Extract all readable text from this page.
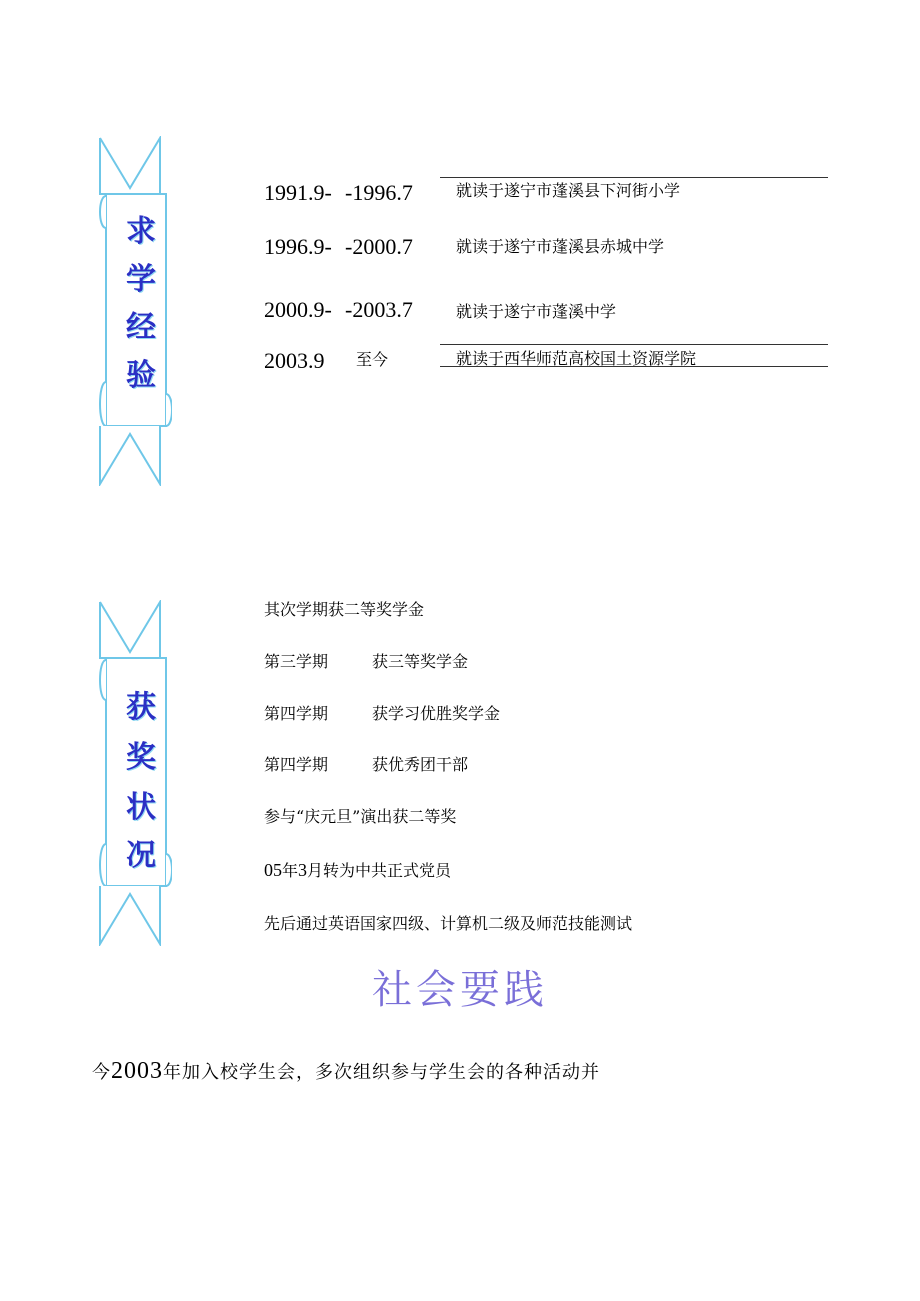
求
学
经
验
1991.9- -1996.7	就读于遂宁市蓬溪县下河街小学
1996.9- -2000.7	就读于遂宁市蓬溪县赤城中学
2000.9- -2003.7	就读于遂宁市蓬溪中学
2003.9 至今	就读于西华师范高校国土资源学院
获
奖
状
况
其次学期获二等奖学金
第三学期	获三等奖学金
第四学期	获学习优胜奖学金
第四学期	获优秀团干部
参与“庆元旦”演出获二等奖
05年3月转为中共正式党员
先后通过英语国家四级、计算机二级及师范技能测试
社会要践
今2003年加入校学生会，多次组织参与学生会的各种活动并
